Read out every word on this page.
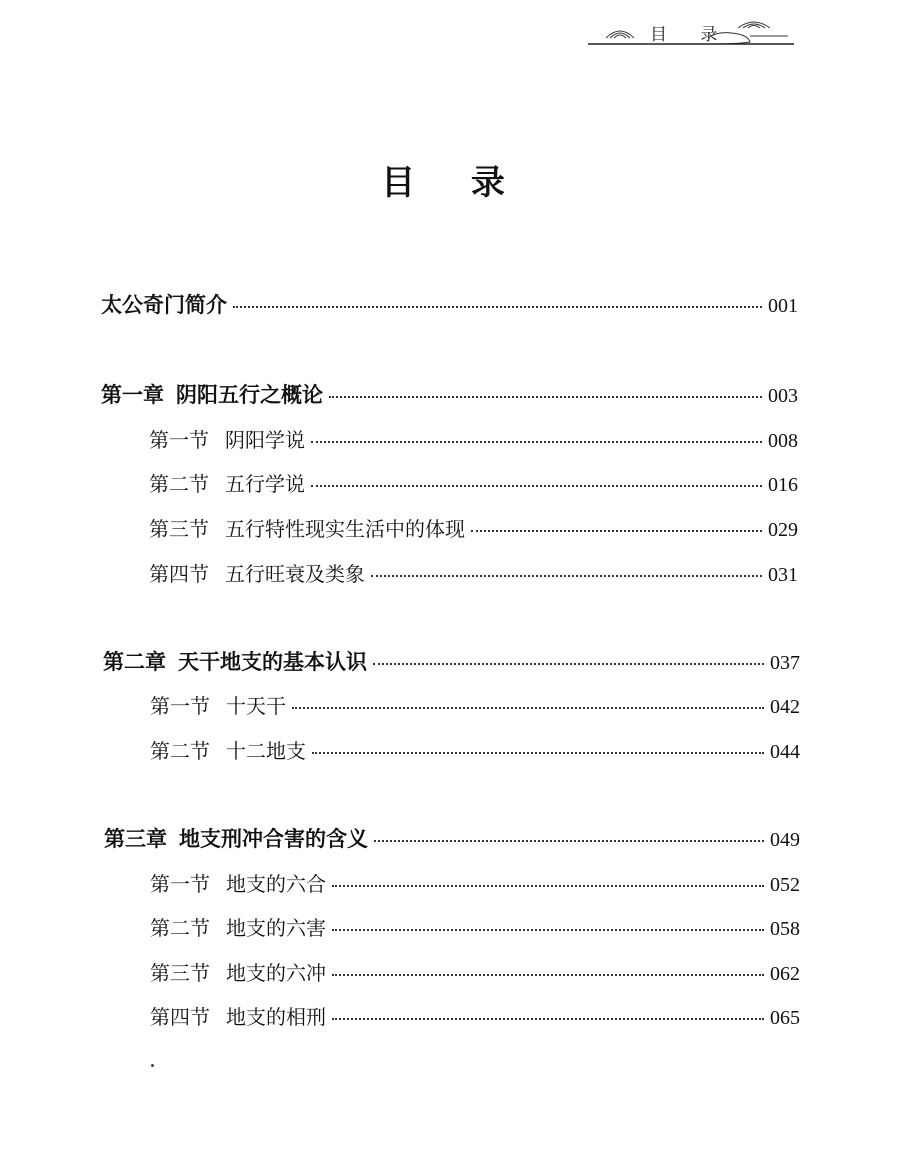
目 录
目 录
太公奇门简介	001
第一章 阴阳五行之概论	003
第一节 阴阳学说	008
第二节 五行学说	016
第三节 五行特性现实生活中的体现	029
第四节 五行旺衰及类象	031
第二章 天干地支的基本认识	037
第一节 十天干	042
第二节 十二地支	044
第三章 地支刑冲合害的含义	049
第一节 地支的六合	052
第二节 地支的六害	058
第三节 地支的六冲	062
第四节 地支的相刑	065
